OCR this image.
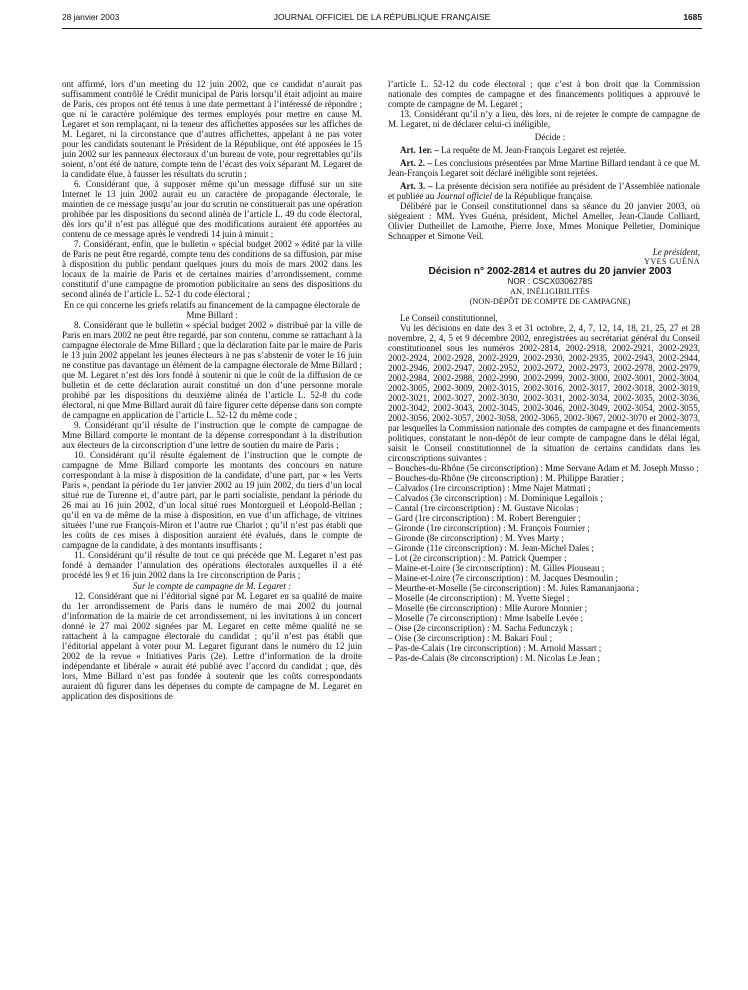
28 janvier 2003	JOURNAL OFFICIEL DE LA RÉPUBLIQUE FRANÇAISE	1685

ont affirmé, lors d’un meeting du 12 juin 2002, que ce candidat n’aurait pas suffisamment contrôlé le Crédit municipal de Paris lorsqu’il était adjoint au maire de Paris, ces propos ont été tenus à une date permettant à l’intéressé de répondre ; que ni le caractère polémique des termes employés pour mettre en cause M. Legaret et son remplaçant, ni la teneur des affichettes apposées sur les affiches de M. Legaret, ni la circonstance que d’autres affichettes, appelant à ne pas voter pour les candidats soutenant le Président de la République, ont été apposées le 15 juin 2002 sur les panneaux électoraux d’un bureau de vote, pour regrettables qu’ils soient, n’ont été de nature, compte tenu de l’écart des voix séparant M. Legaret de la candidate élue, à fausser les résultats du scrutin ;

6. Considérant que, à supposer même qu’un message diffusé sur un site Internet le 13 juin 2002 aurait eu un caractère de propagande électorale, le maintien de ce message jusqu’au jour du scrutin ne constituerait pas une opération prohibée par les dispositions du second alinéa de l’article L. 49 du code électoral, dès lors qu’il n’est pas allégué que des modifications auraient été apportées au contenu de ce message après le vendredi 14 juin à minuit ;

7. Considérant, enfin, que le bulletin « spécial budget 2002 » édité par la ville de Paris ne peut être regardé, compte tenu des conditions de sa diffusion, par mise à disposition du public pendant quelques jours du mois de mars 2002 dans les locaux de la mairie de Paris et de certaines mairies d’arrondissement, comme constitutif d’une campagne de promotion publicitaire au sens des dispositions du second alinéa de l’article L. 52-1 du code électoral ;

En ce qui concerne les griefs relatifs au financement de la campagne électorale de Mme Billard :

8. Considérant que le bulletin « spécial budget 2002 » distribué par la ville de Paris en mars 2002 ne peut être regardé, par son contenu, comme se rattachant à la campagne électorale de Mme Billard ; que la déclaration faite par le maire de Paris le 13 juin 2002 appelant les jeunes électeurs à ne pas s’abstenir de voter le 16 juin ne constitue pas davantage un élément de la campagne électorale de Mme Billard ; que M. Legaret n’est dès lors fondé à soutenir ni que le coût de la diffusion de ce bulletin et de cette déclaration aurait constitué un don d’une personne morale prohibé par les dispositions du deuxième alinéa de l’article L. 52-8 du code électoral, ni que Mme Billard aurait dû faire figurer cette dépense dans son compte de campagne en application de l’article L. 52-12 du même code ;

9. Considérant qu’il résulte de l’instruction que le compte de campagne de Mme Billard comporte le montant de la dépense correspondant à la distribution aux électeurs de la circonscription d’une lettre de soutien du maire de Paris ;

10. Considérant qu’il résulte également de l’instruction que le compte de campagne de Mme Billard comporte les montants des concours en nature correspondant à la mise à disposition de la candidate, d’une part, par « les Verts Paris », pendant la période du 1er janvier 2002 au 19 juin 2002, du tiers d’un local situé rue de Turenne et, d’autre part, par le parti socialiste, pendant la période du 26 mai au 16 juin 2002, d’un local situé rues Montorgueil et Léopold-Bellan ; qu’il en va de même de la mise à disposition, en vue d’un affichage, de vitrines situées l’une rue François-Miron et l’autre rue Charlot ; qu’il n’est pas établi que les coûts de ces mises à disposition auraient été évalués, dans le compte de campagne de la candidate, à des montants insuffisants ;

11. Considérant qu’il résulte de tout ce qui précède que M. Legaret n’est pas fondé à demander l’annulation des opérations électorales auxquelles il a été procédé les 9 et 16 juin 2002 dans la 1re circonscription de Paris ;

Sur le compte de campagne de M. Legaret :

12. Considérant que ni l’éditorial signé par M. Legaret en sa qualité de maire du 1er arrondissement de Paris dans le numéro de mai 2002 du journal d’information de la mairie de cet arrondissement, ni les invitations à un concert donné le 27 mai 2002 signées par M. Legaret en cette même qualité ne se rattachent à la campagne électorale du candidat ; qu’il n’est pas établi que l’éditorial appelant à voter pour M. Legaret figurant dans le numéro du 12 juin 2002 de la revue « Initiatives Paris (2e). Lettre d’information de la droite indépendante et libérale » aurait été publié avec l’accord du candidat ; que, dès lors, Mme Billard n’est pas fondée à soutenir que les coûts correspondants auraient dû figurer dans les dépenses du compte de campagne de M. Legaret en application des dispositions de

l’article L. 52-12 du code électoral ; que c’est à bon droit que la Commission nationale des comptes de campagne et des financements politiques a approuvé le compte de campagne de M. Legaret ;

13. Considérant qu’il n’y a lieu, dès lors, ni de rejeter le compte de campagne de M. Legaret, ni de déclarer celui-ci inéligible,

Décide :

Art. 1er. – La requête de M. Jean-François Legaret est rejetée.

Art. 2. – Les conclusions présentées par Mme Martine Billard tendant à ce que M. Jean-François Legaret soit déclaré inéligible sont rejetées.

Art. 3. – La présente décision sera notifiée au président de l’Assemblée nationale et publiée au Journal officiel de la République française.

Délibéré par le Conseil constitutionnel dans sa séance du 20 janvier 2003, où siégeaient : MM. Yves Guéna, président, Michel Ameller, Jean-Claude Colliard, Olivier Dutheillet de Lamothe, Pierre Joxe, Mmes Monique Pelletier, Dominique Schnapper et Simone Veil.

Le président,

YVES GUÉNA

Décision n° 2002-2814 et autres du 20 janvier 2003

NOR : CSCX0306278S

AN, INÉLIGIBILITÉS

(NON-DÉPÔT DE COMPTE DE CAMPAGNE)

Le Conseil constitutionnel,

Vu les décisions en date des 3 et 31 octobre, 2, 4, 7, 12, 14, 18, 21, 25, 27 et 28 novembre, 2, 4, 5 et 9 décembre 2002, enregistrées au secrétariat général du Conseil constitutionnel sous les numéros 2002-2814, 2002-2918, 2002-2921, 2002-2923, 2002-2924, 2002-2928, 2002-2929, 2002-2930, 2002-2935, 2002-2943, 2002-2944, 2002-2946, 2002-2947, 2002-2952, 2002-2972, 2002-2973, 2002-2978, 2002-2979, 2002-2984, 2002-2988, 2002-2990, 2002-2999, 2002-3000, 2002-3001, 2002-3004, 2002-3005, 2002-3009, 2002-3015, 2002-3016, 2002-3017, 2002-3018, 2002-3019, 2002-3021, 2002-3027, 2002-3030, 2002-3031, 2002-3034, 2002-3035, 2002-3036, 2002-3042, 2002-3043, 2002-3045, 2002-3046, 2002-3049, 2002-3054, 2002-3055, 2002-3056, 2002-3057, 2002-3058, 2002-3065, 2002-3067, 2002-3070 et 2002-3073, par lesquelles la Commission nationale des comptes de campagne et des financements politiques, constatant le non-dépôt de leur compte de campagne dans le délai légal, saisit le Conseil constitutionnel de la situation de certains candidats dans les circonscriptions suivantes :

– Bouches-du-Rhône (5e circonscription) : Mme Servane Adam et M. Joseph Musso ;
– Bouches-du-Rhône (9e circonscription) : M. Philippe Baratier ;
– Calvados (1re circonscription) : Mme Najet Matmati ;
– Calvados (3e circonscription) : M. Dominique Legallois ;
– Cantal (1re circonscription) : M. Gustave Nicolas ;
– Gard (1re circonscription) : M. Robert Berenguier ;
– Gironde (1re circonscription) : M. François Fournier ;
– Gironde (8e circonscription) : M. Yves Marty ;
– Gironde (11e circonscription) : M. Jean-Michel Dales ;
– Lot (2e circonscription) : M. Patrick Quemper ;
– Maine-et-Loire (3e circonscription) : M. Gilles Plouseau ;
– Maine-et-Loire (7e circonscription) : M. Jacques Desmoulin ;
– Meurthe-et-Moselle (5e circonscription) : M. Jules Ramananjaona ;
– Moselle (4e circonscription) : M. Yvette Siegel ;
– Moselle (6e circonscription) : Mlle Aurore Monnier ;
– Moselle (7e circonscription) : Mme Isabelle Levée ;
– Oise (2e circonscription) : M. Sacha Fedunczyk ;
– Oise (3e circonscription) : M. Bakari Foul ;
– Pas-de-Calais (1re circonscription) : M. Arnold Massart ;
– Pas-de-Calais (8e circonscription) : M. Nicolas Le Jean ;
